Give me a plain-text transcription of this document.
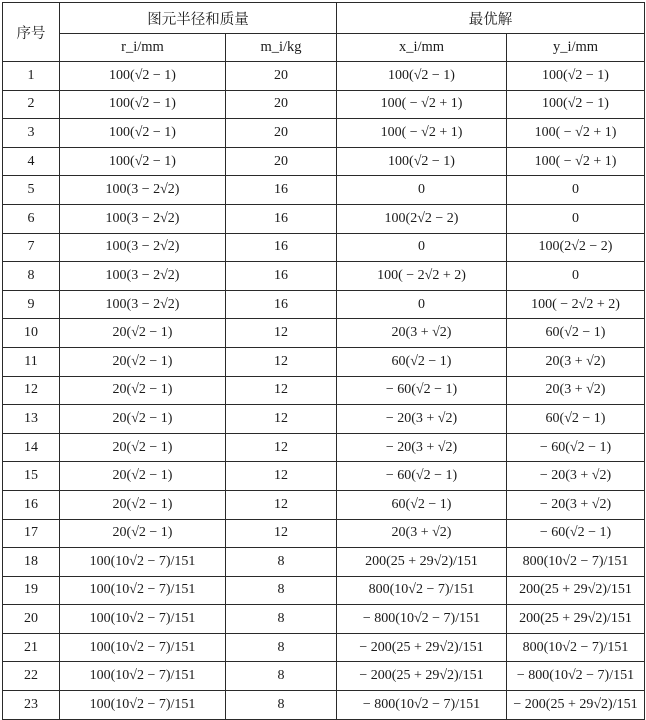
序号	图元半径和质量		最优解	
	r_i/mm	m_i/kg	x_i/mm	y_i/mm
1	100(√2 − 1)	20	100(√2 − 1)	100(√2 − 1)
2	100(√2 − 1)	20	100( − √2 + 1)	100(√2 − 1)
3	100(√2 − 1)	20	100( − √2 + 1)	100( − √2 + 1)
4	100(√2 − 1)	20	100(√2 − 1)	100( − √2 + 1)
5	100(3 − 2√2)	16	0	0
6	100(3 − 2√2)	16	100(2√2 − 2)	0
7	100(3 − 2√2)	16	0	100(2√2 − 2)
8	100(3 − 2√2)	16	100( − 2√2 + 2)	0
9	100(3 − 2√2)	16	0	100( − 2√2 + 2)
10	20(√2 − 1)	12	20(3 + √2)	60(√2 − 1)
11	20(√2 − 1)	12	60(√2 − 1)	20(3 + √2)
12	20(√2 − 1)	12	− 60(√2 − 1)	20(3 + √2)
13	20(√2 − 1)	12	− 20(3 + √2)	60(√2 − 1)
14	20(√2 − 1)	12	− 20(3 + √2)	− 60(√2 − 1)
15	20(√2 − 1)	12	− 60(√2 − 1)	− 20(3 + √2)
16	20(√2 − 1)	12	60(√2 − 1)	− 20(3 + √2)
17	20(√2 − 1)	12	20(3 + √2)	− 60(√2 − 1)
18	100(10√2 − 7)/151	8	200(25 + 29√2)/151	800(10√2 − 7)/151
19	100(10√2 − 7)/151	8	800(10√2 − 7)/151	200(25 + 29√2)/151
20	100(10√2 − 7)/151	8	− 800(10√2 − 7)/151	200(25 + 29√2)/151
21	100(10√2 − 7)/151	8	− 200(25 + 29√2)/151	800(10√2 − 7)/151
22	100(10√2 − 7)/151	8	− 200(25 + 29√2)/151	− 800(10√2 − 7)/151
23	100(10√2 − 7)/151	8	− 800(10√2 − 7)/151	− 200(25 + 29√2)/151
